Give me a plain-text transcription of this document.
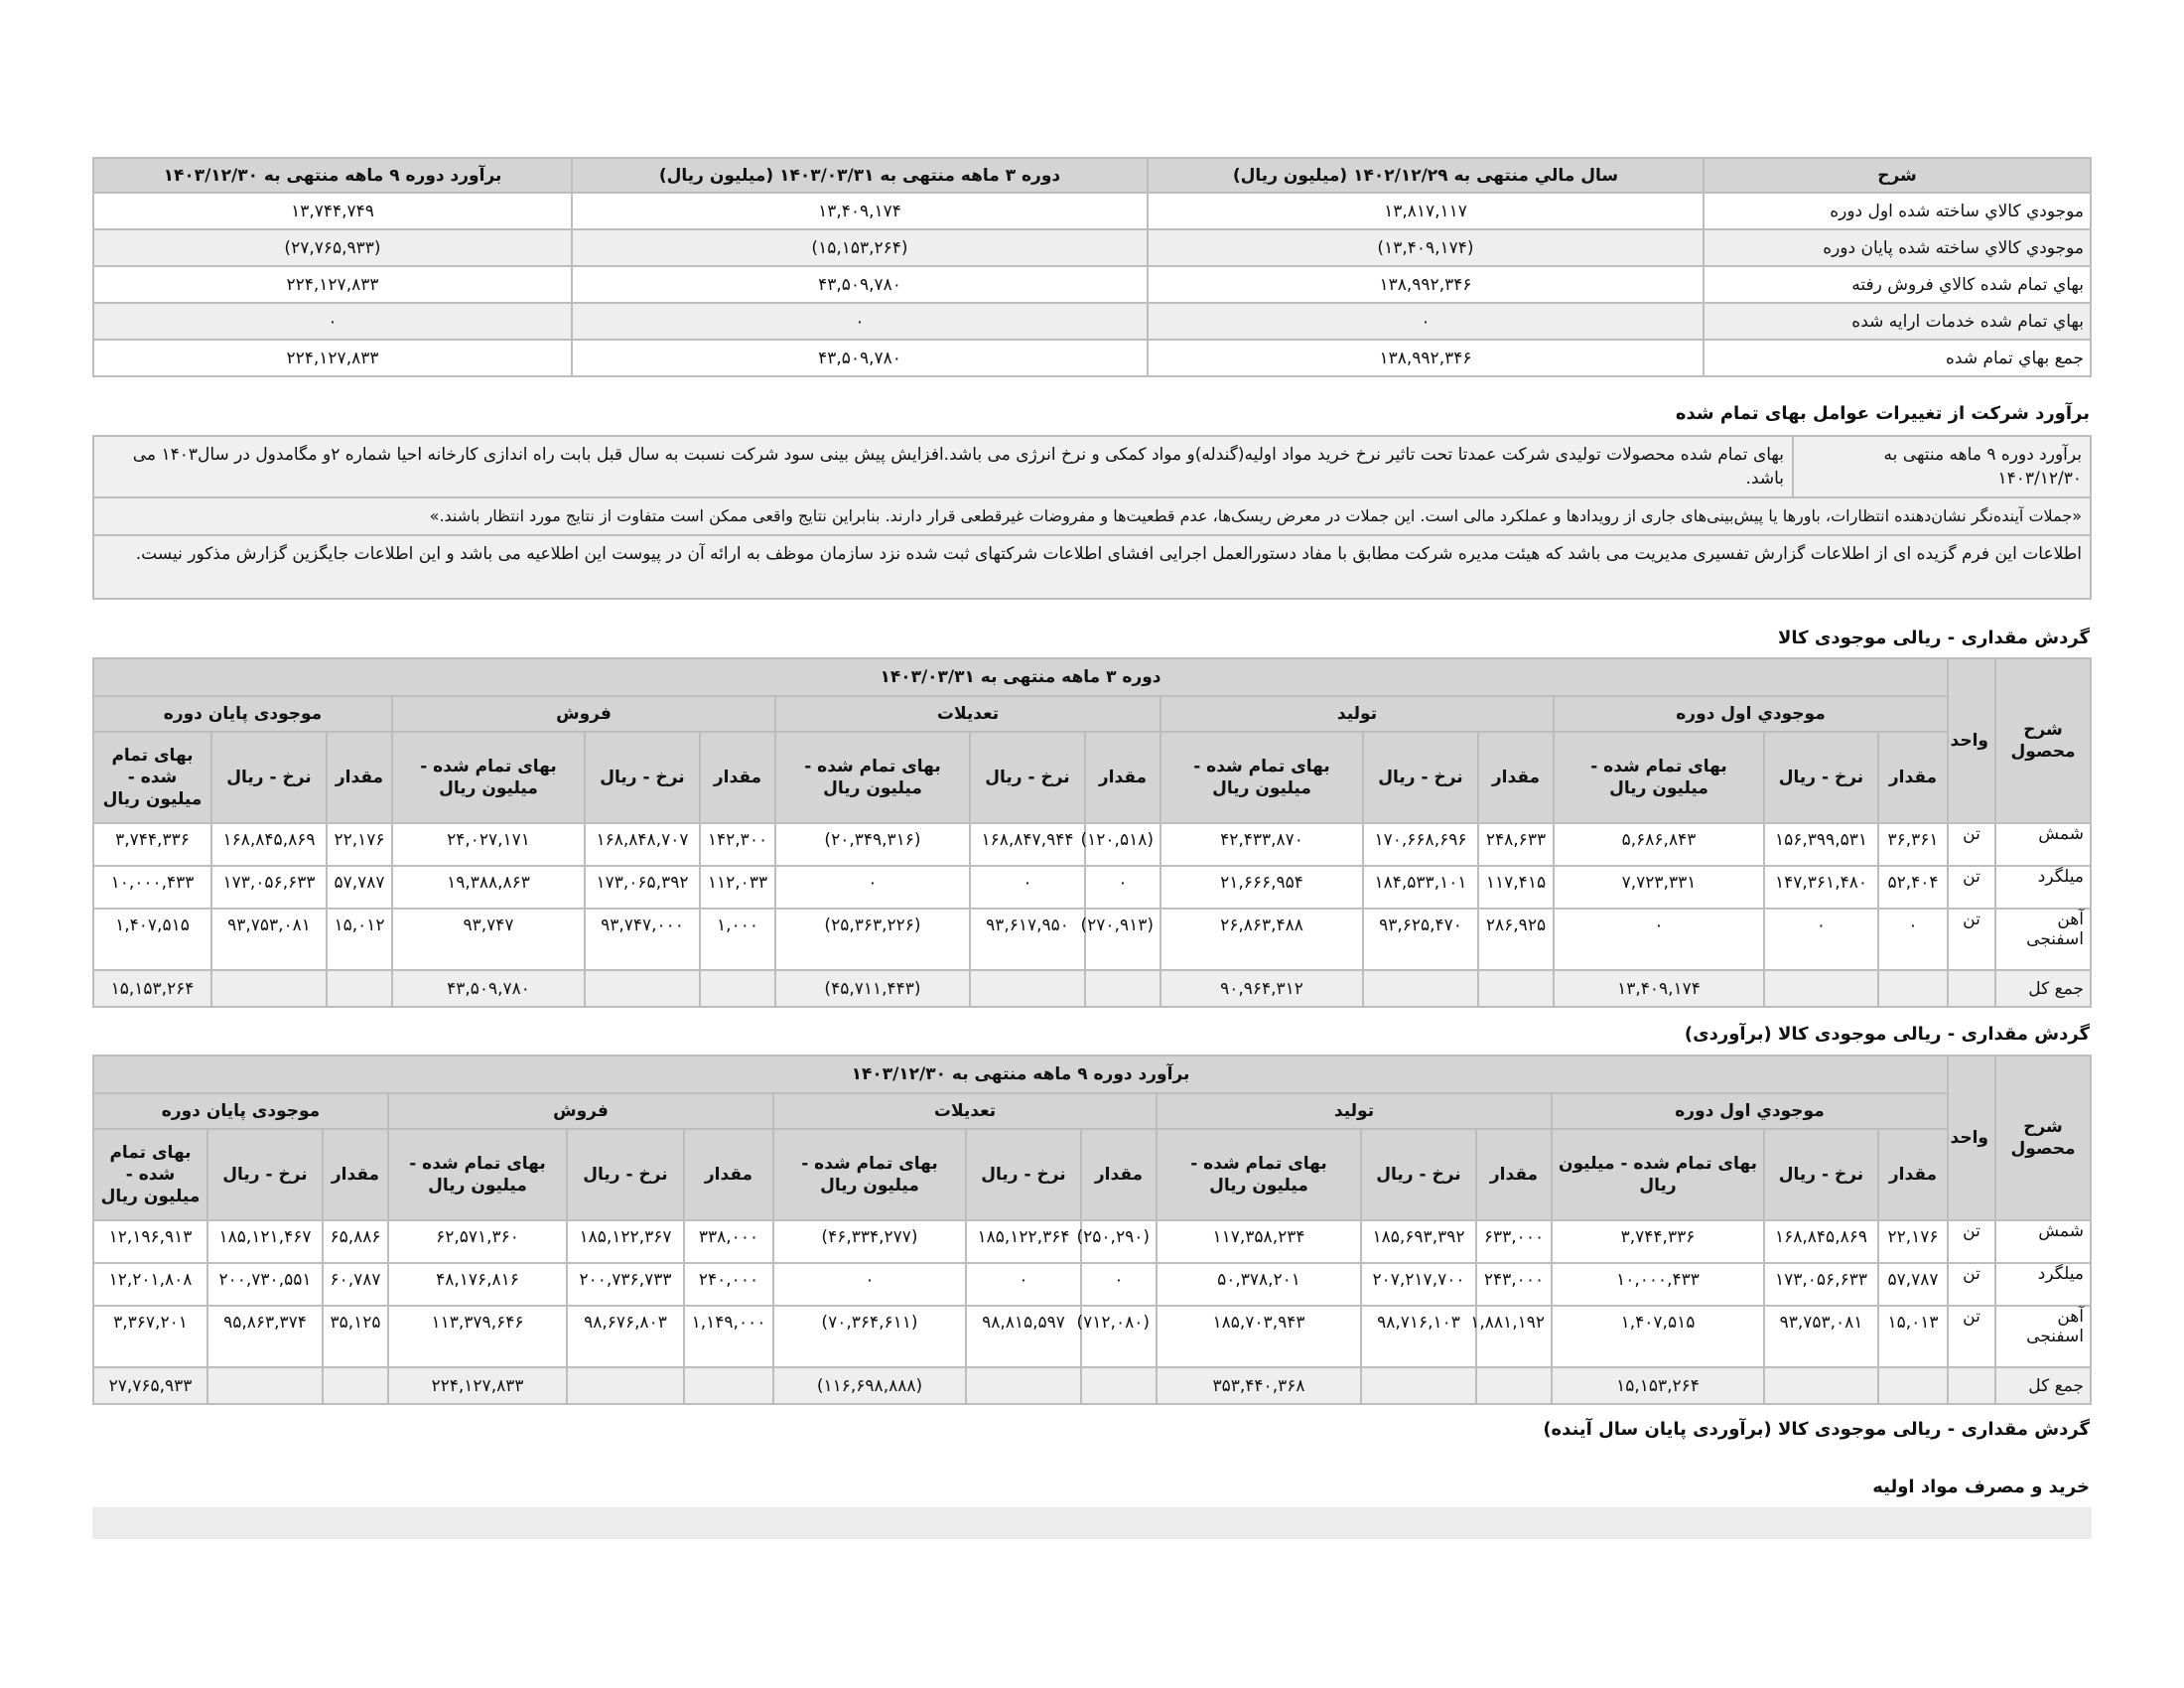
شرح	سال مالي منتهی به ۱۴۰۲/۱۲/۲۹ (میلیون ریال)	دوره ۳ ماهه منتهی به ۱۴۰۳/۰۳/۳۱ (میلیون ریال)	برآورد دوره ۹ ماهه منتهی به ۱۴۰۳/۱۲/۳۰
موجودي كالاي ساخته شده اول دوره	۱۳,۸۱۷,۱۱۷	۱۳,۴۰۹,۱۷۴	۱۳,۷۴۴,۷۴۹
موجودي كالاي ساخته شده پايان دوره	(۱۳,۴۰۹,۱۷۴)	(۱۵,۱۵۳,۲۶۴)	(۲۷,۷۶۵,۹۳۳)
بهاي تمام شده كالاي فروش رفته	۱۳۸,۹۹۲,۳۴۶	۴۳,۵۰۹,۷۸۰	۲۲۴,۱۲۷,۸۳۳
بهاي تمام شده خدمات ارايه شده	۰	۰	۰
جمع بهاي تمام شده	۱۳۸,۹۹۲,۳۴۶	۴۳,۵۰۹,۷۸۰	۲۲۴,۱۲۷,۸۳۳
برآورد شرکت از تغییرات عوامل بهای تمام شده
برآورد دوره ۹ ماهه منتهی به ۱۴۰۳/۱۲/۳۰	بهای تمام شده محصولات تولیدی شرکت عمدتا تحت تاثیر نرخ خرید مواد اولیه(گندله)و مواد کمکی و نرخ انرژی می باشد.افزایش پیش بینی سود شرکت نسبت به سال قبل بابت راه اندازی کارخانه احیا شماره ۲و مگامدول در سال۱۴۰۳ می باشد.
«جملات آینده‌نگر نشان‌دهنده انتظارات، باورها یا پیش‌بینی‌های جاری از رویدادها و عملکرد مالی است. این جملات در معرض ریسک‌ها، عدم قطعیت‌ها و مفروضات غیرقطعی قرار دارند. بنابراین نتایج واقعی ممکن است متفاوت از نتایج مورد انتظار باشند.»
اطلاعات این فرم گزیده ای از اطلاعات گزارش تفسیری مدیریت می باشد که هیئت مدیره شرکت مطابق با مفاد دستورالعمل اجرایی افشای اطلاعات شرکتهای ثبت شده نزد سازمان موظف به ارائه آن در پیوست این اطلاعیه می باشد و این اطلاعات جایگزین گزارش مذکور نیست.
گردش مقداری - ریالی موجودی کالا
شرح محصول	واحد	دوره ۳ ماهه منتهی به ۱۴۰۳/۰۳/۳۱														
		موجودي اول دوره			تولید			تعدیلات			فروش			موجودی پایان دوره		
		مقدار	نرخ - ریال	بهای تمام شده - میلیون ریال	مقدار	نرخ - ریال	بهای تمام شده - میلیون ریال	مقدار	نرخ - ریال	بهای تمام شده - میلیون ریال	مقدار	نرخ - ریال	بهای تمام شده - میلیون ریال	مقدار	نرخ - ریال	بهای تمام شده - میلیون ریال
شمش	تن	۳۶,۳۶۱	۱۵۶,۳۹۹,۵۳۱	۵,۶۸۶,۸۴۳	۲۴۸,۶۳۳	۱۷۰,۶۶۸,۶۹۶	۴۲,۴۳۳,۸۷۰	(۱۲۰,۵۱۸)	۱۶۸,۸۴۷,۹۴۴	(۲۰,۳۴۹,۳۱۶)	۱۴۲,۳۰۰	۱۶۸,۸۴۸,۷۰۷	۲۴,۰۲۷,۱۷۱	۲۲,۱۷۶	۱۶۸,۸۴۵,۸۶۹	۳,۷۴۴,۳۳۶
میلگرد	تن	۵۲,۴۰۴	۱۴۷,۳۶۱,۴۸۰	۷,۷۲۳,۳۳۱	۱۱۷,۴۱۵	۱۸۴,۵۳۳,۱۰۱	۲۱,۶۶۶,۹۵۴	۰	۰	۰	۱۱۲,۰۳۳	۱۷۳,۰۶۵,۳۹۲	۱۹,۳۸۸,۸۶۳	۵۷,۷۸۷	۱۷۳,۰۵۶,۶۳۳	۱۰,۰۰۰,۴۳۳
آهن اسفنجی	تن	۰	۰	۰	۲۸۶,۹۲۵	۹۳,۶۲۵,۴۷۰	۲۶,۸۶۳,۴۸۸	(۲۷۰,۹۱۳)	۹۳,۶۱۷,۹۵۰	(۲۵,۳۶۳,۲۲۶)	۱,۰۰۰	۹۳,۷۴۷,۰۰۰	۹۳,۷۴۷	۱۵,۰۱۲	۹۳,۷۵۳,۰۸۱	۱,۴۰۷,۵۱۵
جمع کل				۱۳,۴۰۹,۱۷۴			۹۰,۹۶۴,۳۱۲			(۴۵,۷۱۱,۴۴۳)			۴۳,۵۰۹,۷۸۰			۱۵,۱۵۳,۲۶۴
گردش مقداری - ریالی موجودی کالا (برآوردی)
شرح محصول	واحد	برآورد دوره ۹ ماهه منتهی به ۱۴۰۳/۱۲/۳۰														
		موجودي اول دوره			تولید			تعدیلات			فروش			موجودی پایان دوره		
		مقدار	نرخ - ریال	بهای تمام شده - میلیون ریال	مقدار	نرخ - ریال	بهای تمام شده - میلیون ریال	مقدار	نرخ - ریال	بهای تمام شده - میلیون ریال	مقدار	نرخ - ریال	بهای تمام شده - میلیون ریال	مقدار	نرخ - ریال	بهای تمام شده - میلیون ریال
شمش	تن	۲۲,۱۷۶	۱۶۸,۸۴۵,۸۶۹	۳,۷۴۴,۳۳۶	۶۳۳,۰۰۰	۱۸۵,۶۹۳,۳۹۲	۱۱۷,۳۵۸,۲۳۴	(۲۵۰,۲۹۰)	۱۸۵,۱۲۲,۳۶۴	(۴۶,۳۳۴,۲۷۷)	۳۳۸,۰۰۰	۱۸۵,۱۲۲,۳۶۷	۶۲,۵۷۱,۳۶۰	۶۵,۸۸۶	۱۸۵,۱۲۱,۴۶۷	۱۲,۱۹۶,۹۱۳
میلگرد	تن	۵۷,۷۸۷	۱۷۳,۰۵۶,۶۳۳	۱۰,۰۰۰,۴۳۳	۲۴۳,۰۰۰	۲۰۷,۲۱۷,۷۰۰	۵۰,۳۷۸,۲۰۱	۰	۰	۰	۲۴۰,۰۰۰	۲۰۰,۷۳۶,۷۳۳	۴۸,۱۷۶,۸۱۶	۶۰,۷۸۷	۲۰۰,۷۳۰,۵۵۱	۱۲,۲۰۱,۸۰۸
آهن اسفنجی	تن	۱۵,۰۱۳	۹۳,۷۵۳,۰۸۱	۱,۴۰۷,۵۱۵	۱,۸۸۱,۱۹۲	۹۸,۷۱۶,۱۰۳	۱۸۵,۷۰۳,۹۴۳	(۷۱۲,۰۸۰)	۹۸,۸۱۵,۵۹۷	(۷۰,۳۶۴,۶۱۱)	۱,۱۴۹,۰۰۰	۹۸,۶۷۶,۸۰۳	۱۱۳,۳۷۹,۶۴۶	۳۵,۱۲۵	۹۵,۸۶۳,۳۷۴	۳,۳۶۷,۲۰۱
جمع کل				۱۵,۱۵۳,۲۶۴			۳۵۳,۴۴۰,۳۶۸			(۱۱۶,۶۹۸,۸۸۸)			۲۲۴,۱۲۷,۸۳۳			۲۷,۷۶۵,۹۳۳
گردش مقداری - ریالی موجودی کالا (برآوردی پایان سال آینده)
خرید و مصرف مواد اولیه
